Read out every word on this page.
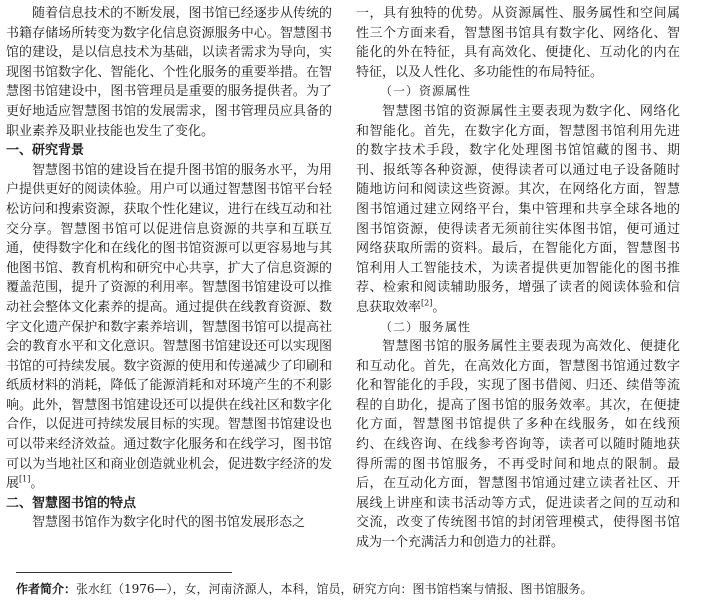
随着信息技术的不断发展，图书馆已经逐步从传统的书籍存储场所转变为数字化信息资源服务中心。智慧图书馆的建设，是以信息技术为基础，以读者需求为导向，实现图书馆数字化、智能化、个性化服务的重要举措。在智慧图书馆建设中，图书管理员是重要的服务提供者。为了更好地适应智慧图书馆的发展需求，图书管理员应具备的职业素养及职业技能也发生了变化。

一、研究背景

智慧图书馆的建设旨在提升图书馆的服务水平，为用户提供更好的阅读体验。用户可以通过智慧图书馆平台轻松访问和搜索资源，获取个性化建议，进行在线互动和社交分享。智慧图书馆可以促进信息资源的共享和互联互通，使得数字化和在线化的图书馆资源可以更容易地与其他图书馆、教育机构和研究中心共享，扩大了信息资源的覆盖范围，提升了资源的利用率。智慧图书馆建设可以推动社会整体文化素养的提高。通过提供在线教育资源、数字文化遗产保护和数字素养培训，智慧图书馆可以提高社会的教育水平和文化意识。智慧图书馆建设还可以实现图书馆的可持续发展。数字资源的使用和传递减少了印刷和纸质材料的消耗，降低了能源消耗和对环境产生的不利影响。此外，智慧图书馆建设还可以提供在线社区和数字化合作，以促进可持续发展目标的实现。智慧图书馆建设也可以带来经济效益。通过数字化服务和在线学习，图书馆可以为当地社区和商业创造就业机会，促进数字经济的发展[1]。

二、智慧图书馆的特点

智慧图书馆作为数字化时代的图书馆发展形态之

一，具有独特的优势。从资源属性、服务属性和空间属性三个方面来看，智慧图书馆具有数字化、网络化、智能化的外在特征，具有高效化、便捷化、互动化的内在特征，以及人性化、多功能性的布局特征。

（一）资源属性

智慧图书馆的资源属性主要表现为数字化、网络化和智能化。首先，在数字化方面，智慧图书馆利用先进的数字技术手段，数字化处理图书馆馆藏的图书、期刊、报纸等各种资源，使得读者可以通过电子设备随时随地访问和阅读这些资源。其次，在网络化方面，智慧图书馆通过建立网络平台，集中管理和共享全球各地的图书馆资源，使得读者无须前往实体图书馆，便可通过网络获取所需的资料。最后，在智能化方面，智慧图书馆利用人工智能技术，为读者提供更加智能化的图书推荐、检索和阅读辅助服务，增强了读者的阅读体验和信息获取效率[2]。

（二）服务属性

智慧图书馆的服务属性主要表现为高效化、便捷化和互动化。首先，在高效化方面，智慧图书馆通过数字化和智能化的手段，实现了图书借阅、归还、续借等流程的自助化，提高了图书馆的服务效率。其次，在便捷化方面，智慧图书馆提供了多种在线服务，如在线预约、在线咨询、在线参考咨询等，读者可以随时随地获得所需的图书馆服务，不再受时间和地点的限制。最后，在互动化方面，智慧图书馆通过建立读者社区、开展线上讲座和读书活动等方式，促进读者之间的互动和交流，改变了传统图书馆的封闭管理模式，使得图书馆成为一个充满活力和创造力的社群。

作者简介：张水红（1976—），女，河南济源人，本科，馆员，研究方向：图书馆档案与情报、图书馆服务。
